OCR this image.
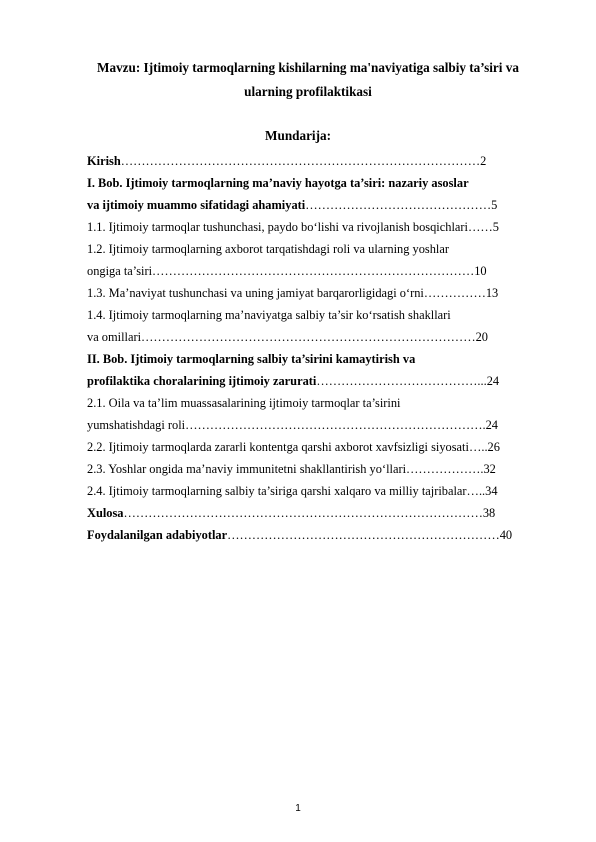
Mavzu: Ijtimoiy tarmoqlarning kishilarning ma'naviyatiga salbiy ta’siri va
ularning profilaktikasi
Mundarija:
Kirish……………………………………………………………………………2
I. Bob. Ijtimoiy tarmoqlarning ma’naviy hayotga ta’siri: nazariy asoslar
va ijtimoiy muammo sifatidagi ahamiyati………………………………………5
1.1. Ijtimoiy tarmoqlar tushunchasi, paydo bo‘lishi va rivojlanish bosqichlari……5
1.2. Ijtimoiy tarmoqlarning axborot tarqatishdagi roli va ularning yoshlar
ongiga ta’siri……………………………………………………………………10
1.3. Ma’naviyat tushunchasi va uning jamiyat barqarorligidagi o‘rni……………13
1.4. Ijtimoiy tarmoqlarning ma’naviyatga salbiy ta’sir ko‘rsatish shakllari
va omillari………………………………………………………………………20
II. Bob. Ijtimoiy tarmoqlarning salbiy ta’sirini kamaytirish va
profilaktika choralarining ijtimoiy zarurati…………………………………...24
2.1. Oila va ta’lim muassasalarining ijtimoiy tarmoqlar ta’sirini
yumshatishdagi roli……………………………………………………………….24
2.2. Ijtimoiy tarmoqlarda zararli kontentga qarshi axborot xavfsizligi siyosati…..26
2.3. Yoshlar ongida ma’naviy immunitetni shakllantirish yo‘llari……………….32
2.4. Ijtimoiy tarmoqlarning salbiy ta’siriga qarshi xalqaro va milliy tajribalar…..34
Xulosa……………………………………………………………………………38
Foydalanilgan adabiyotlar…………………………………………………………40
1
